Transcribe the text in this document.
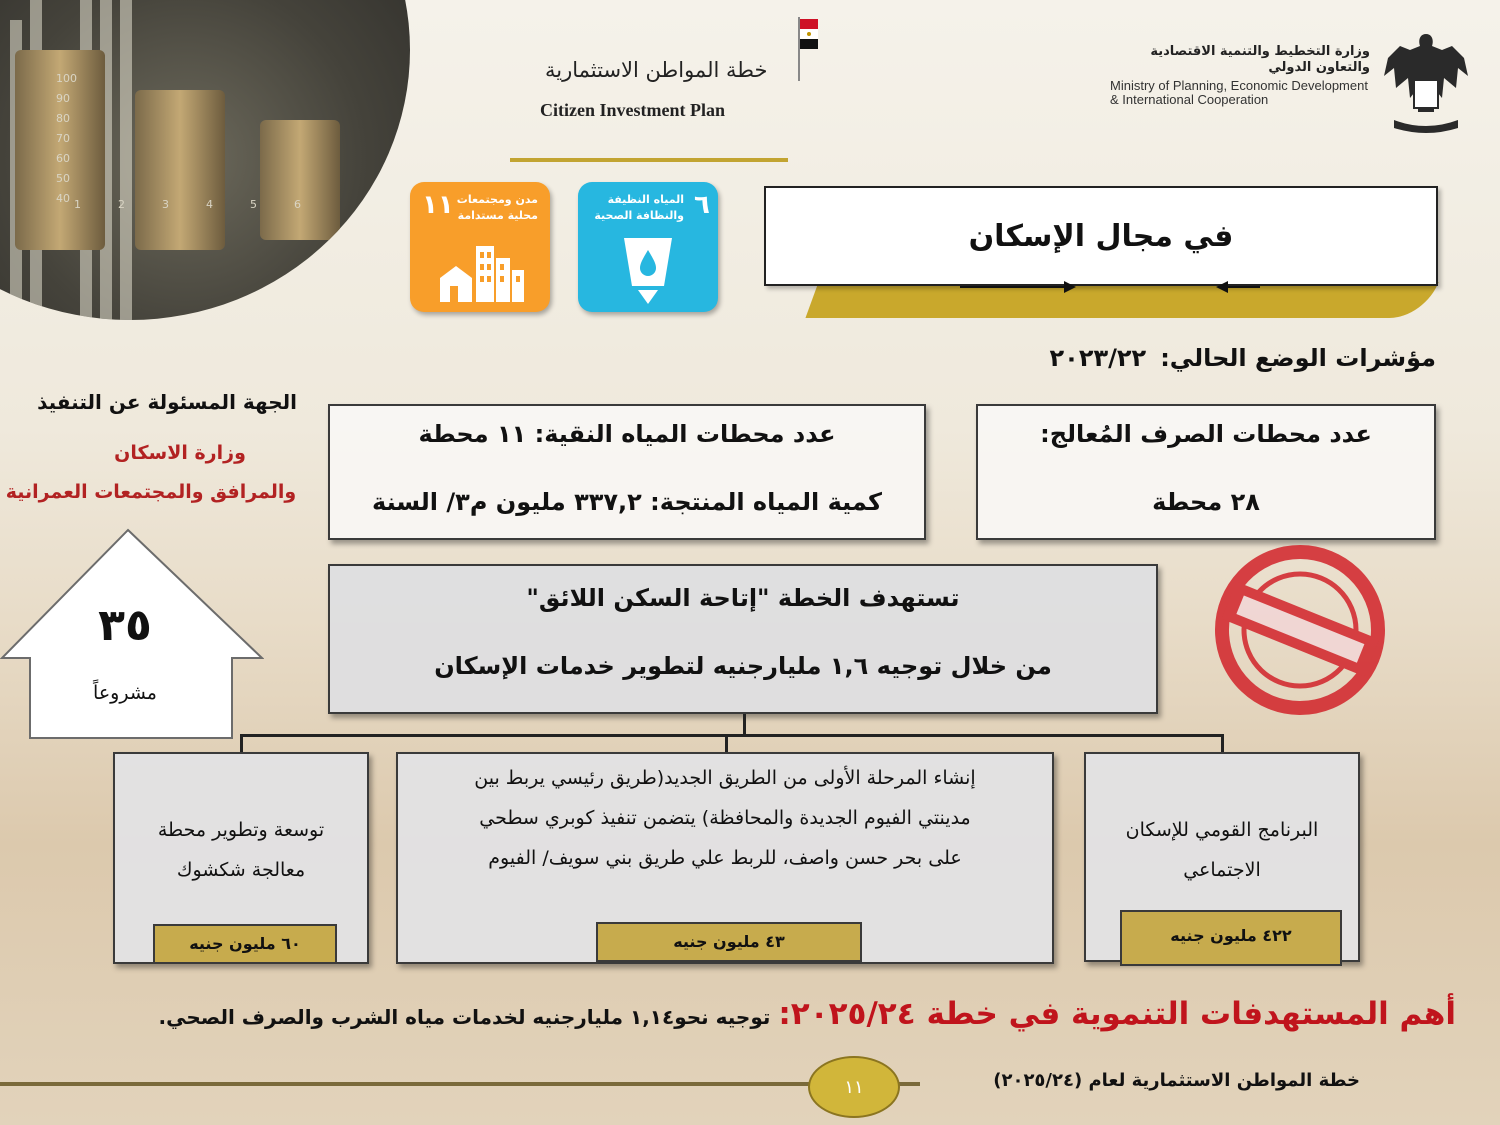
100
90
80
70
60
50
40 1	2	3	4	5	6
خطة المواطن الاستثمارية
Citizen Investment Plan
وزارة التخطيط والتنمية الاقتصادية والتعاون الدولي
Ministry of Planning, Economic Development & International Cooperation
١١ مدن ومجتمعات محلية مستدامة	٦
المياه النظيفة والنظافة الصحية
في مجال الإسكان
مؤشرات الوضع الحالي:٢٠٢٣/٢٢
عدد محطات الصرف المُعالج:
٢٨ محطة
عدد محطات المياه النقية: ١١ محطة
كمية المياه المنتجة: ٣٣٧,٢ مليون م٣/ السنة
الجهة المسئولة عن التنفيذ
وزارة الاسكان
والمرافق والمجتمعات العمرانية
٣٥
مشروعاً
تستهدف الخطة "إتاحة السكن اللائق"
من خلال توجيه ١,٦ مليارجنيه لتطوير خدمات الإسكان
توسعة وتطوير محطة
معالجة شكشوك
٦٠ مليون جنيه
إنشاء المرحلة الأولى من الطريق الجديد(طريق رئيسي يربط بين
مدينتي الفيوم الجديدة والمحافظة) يتضمن تنفيذ كوبري سطحي
على بحر حسن واصف، للربط علي طريق بني سويف/ الفيوم
٤٣ مليون جنيه
البرنامج القومي للإسكان
الاجتماعي
٤٢٢ مليون جنيه
أهم المستهدفات التنموية في خطة ٢٠٢٥/٢٤:توجيه نحو١,١٤ مليارجنيه لخدمات مياه الشرب والصرف الصحي.
١١	خطة المواطن الاستثمارية لعام (٢٠٢٥/٢٤)
